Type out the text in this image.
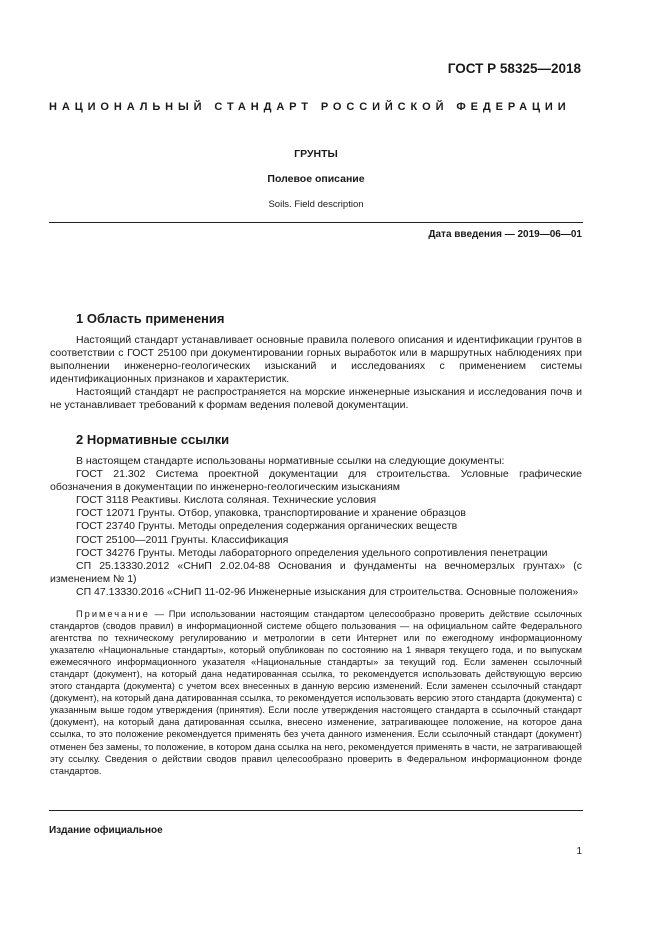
ГОСТ Р 58325—2018
НАЦИОНАЛЬНЫЙ СТАНДАРТ РОССИЙСКОЙ ФЕДЕРАЦИИ
ГРУНТЫ
Полевое описание
Soils. Field description
Дата введения — 2019—06—01
1 Область применения

Настоящий стандарт устанавливает основные правила полевого описания и идентификации грунтов в соответствии с ГОСТ 25100 при документировании горных выработок или в маршрутных наблюдениях при выполнении инженерно-геологических изысканий и исследованиях с применением системы идентификационных признаков и характеристик.

Настоящий стандарт не распространяется на морские инженерные изыскания и исследования почв и не устанавливает требований к формам ведения полевой документации.

2 Нормативные ссылки

В настоящем стандарте использованы нормативные ссылки на следующие документы:

ГОСТ 21.302 Система проектной документации для строительства. Условные графические обозначения в документации по инженерно-геологическим изысканиям

ГОСТ 3118 Реактивы. Кислота соляная. Технические условия

ГОСТ 12071 Грунты. Отбор, упаковка, транспортирование и хранение образцов

ГОСТ 23740 Грунты. Методы определения содержания органических веществ

ГОСТ 25100—2011 Грунты. Классификация

ГОСТ 34276 Грунты. Методы лабораторного определения удельного сопротивления пенетрации

СП 25.13330.2012 «СНиП 2.02.04-88 Основания и фундаменты на вечномерзлых грунтах» (с изменением № 1)

СП 47.13330.2016 «СНиП 11-02-96 Инженерные изыскания для строительства. Основные положения»

Примечание — При использовании настоящим стандартом целесообразно проверить действие ссылочных стандартов (сводов правил) в информационной системе общего пользования — на официальном сайте Федерального агентства по техническому регулированию и метрологии в сети Интернет или по ежегодному информационному указателю «Национальные стандарты», который опубликован по состоянию на 1 января текущего года, и по выпускам ежемесячного информационного указателя «Национальные стандарты» за текущий год. Если заменен ссылочный стандарт (документ), на который дана недатированная ссылка, то рекомендуется использовать действующую версию этого стандарта (документа) с учетом всех внесенных в данную версию изменений. Если заменен ссылочный стандарт (документ), на который дана датированная ссылка, то рекомендуется использовать версию этого стандарта (документа) с указанным выше годом утверждения (принятия). Если после утверждения настоящего стандарта в ссылочный стандарт (документ), на который дана датированная ссылка, внесено изменение, затрагивающее положение, на которое дана ссылка, то это положение рекомендуется применять без учета данного изменения. Если ссылочный стандарт (документ) отменен без замены, то положение, в котором дана ссылка на него, рекомендуется применять в части, не затрагивающей эту ссылку. Сведения о действии сводов правил целесообразно проверить в Федеральном информационном фонде стандартов.

Издание официальное
1
